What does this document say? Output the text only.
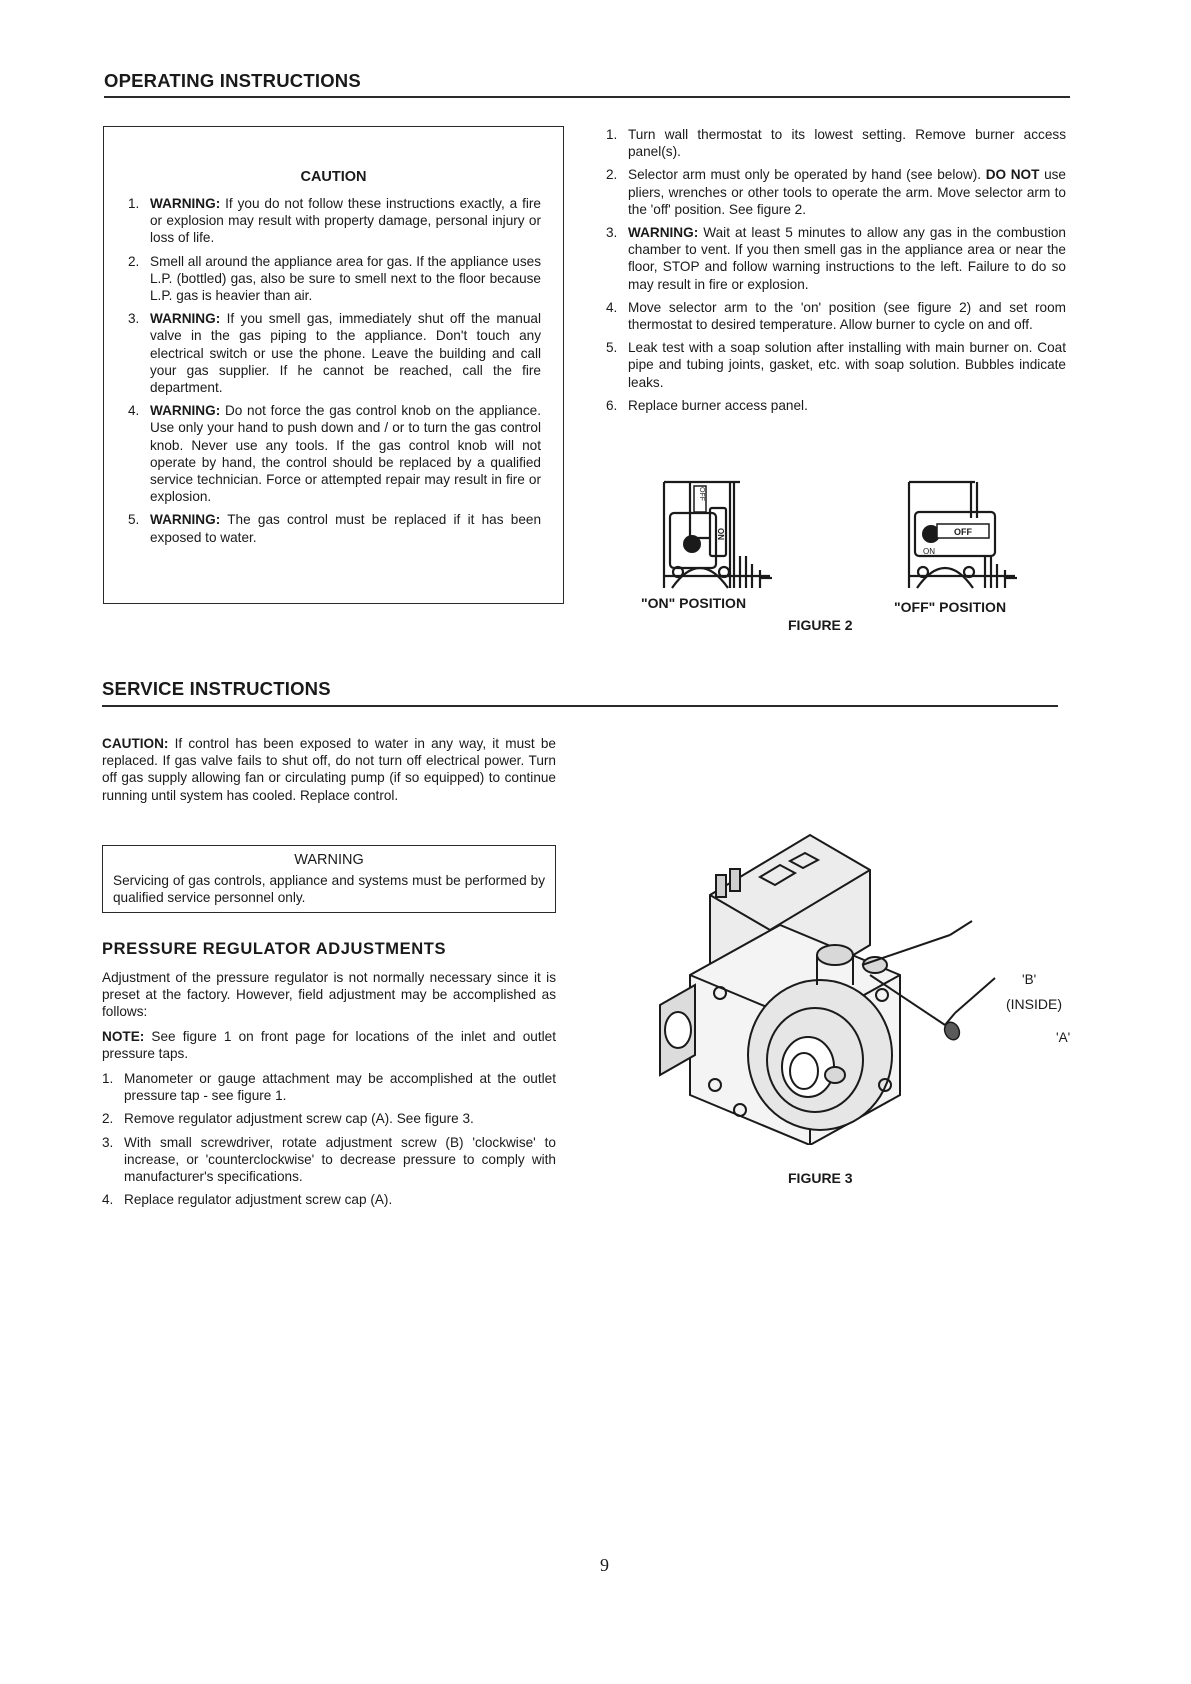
OPERATING INSTRUCTIONS
CAUTION
1. WARNING: If you do not follow these instructions exactly, a fire or explosion may result with property damage, personal injury or loss of life.
2. Smell all around the appliance area for gas. If the appliance uses L.P. (bottled) gas, also be sure to smell next to the floor because L.P. gas is heavier than air.
3. WARNING: If you smell gas, immediately shut off the manual valve in the gas piping to the appliance. Don't touch any electrical switch or use the phone. Leave the building and call your gas supplier. If he cannot be reached, call the fire department.
4. WARNING: Do not force the gas control knob on the appliance. Use only your hand to push down and / or to turn the gas control knob. Never use any tools. If the gas control knob will not operate by hand, the control should be replaced by a qualified service technician. Force or attempted repair may result in fire or explosion.
5. WARNING: The gas control must be replaced if it has been exposed to water.
1. Turn wall thermostat to its lowest setting. Remove burner access panel(s).
2. Selector arm must only be operated by hand (see below). DO NOT use pliers, wrenches or other tools to operate the arm. Move selector arm to the 'off' position. See figure 2.
3. WARNING: Wait at least 5 minutes to allow any gas in the combustion chamber to vent. If you then smell gas in the appliance area or near the floor, STOP and follow warning instructions to the left. Failure to do so may result in fire or explosion.
4. Move selector arm to the 'on' position (see figure 2) and set room thermostat to desired temperature. Allow burner to cycle on and off.
5. Leak test with a soap solution after installing with main burner on. Coat pipe and tubing joints, gasket, etc. with soap solution. Bubbles indicate leaks.
6. Replace burner access panel.
OFF
ON
"ON" POSITION
OFF
ON
"OFF" POSITION
FIGURE 2
SERVICE INSTRUCTIONS
CAUTION: If control has been exposed to water in any way, it must be replaced. If gas valve fails to shut off, do not turn off electrical power. Turn off gas supply allowing fan or circulating pump (if so equipped) to continue running until system has cooled. Replace control.
WARNING
Servicing of gas controls, appliance and systems must be performed by qualified service personnel only.
PRESSURE REGULATOR ADJUSTMENTS
Adjustment of the pressure regulator is not normally necessary since it is preset at the factory. However, field adjustment may be accomplished as follows:
NOTE: See figure 1 on front page for locations of the inlet and outlet pressure taps.
1. Manometer or gauge attachment may be accomplished at the outlet pressure tap - see figure 1.
2. Remove regulator adjustment screw cap (A). See figure 3.
3. With small screwdriver, rotate adjustment screw (B) 'clockwise' to increase, or 'counterclockwise' to decrease pressure to comply with manufacturer's specifications.
4. Replace regulator adjustment screw cap (A).
'B'
(INSIDE)
'A'
FIGURE 3
9
